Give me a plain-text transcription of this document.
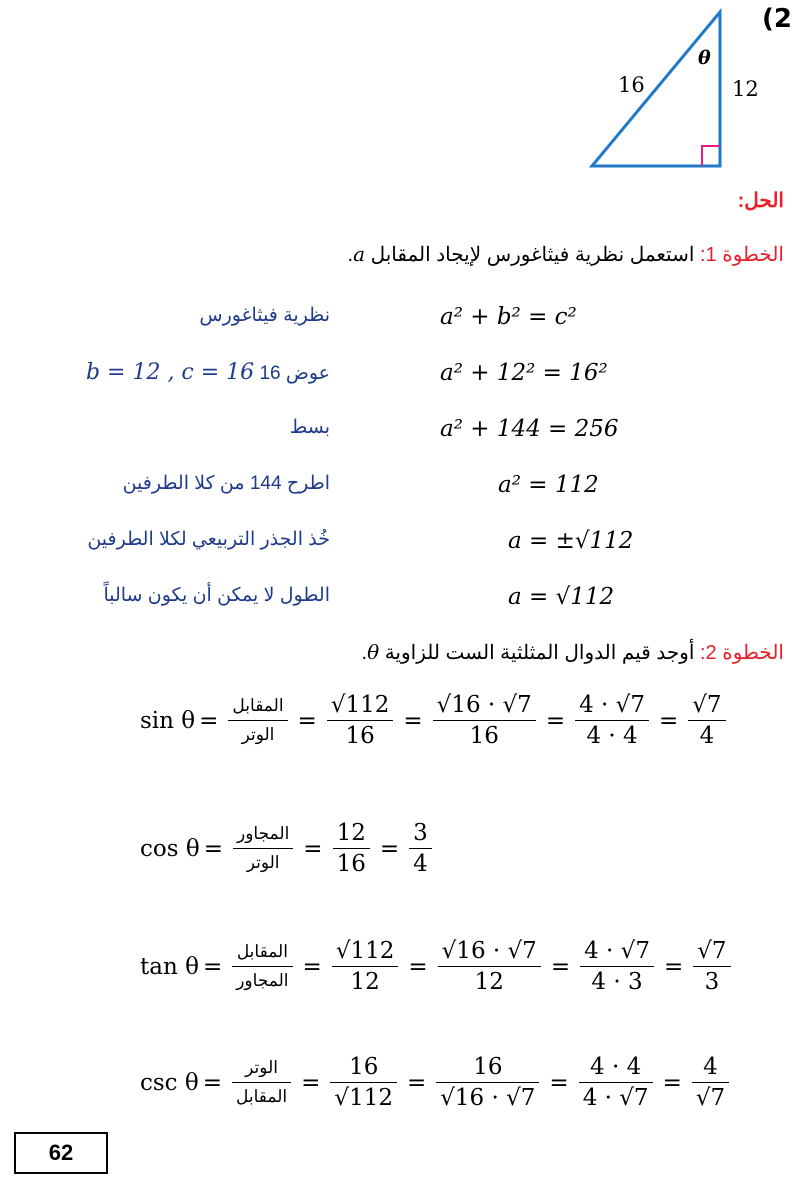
(2
θ
16	12
الحل:
الخطوة 1: استعمل نظرية فيثاغورس لإيجاد المقابل a.
a² + b² = c²
نظرية فيثاغورس
a² + 12² = 16²
عوض 16 b = 12 , c = 16
a² + 144 = 256
بسط
a² = 112
اطرح 144 من كلا الطرفين
a = ±√112
خُذ الجذر التربيعي لكلا الطرفين
a = √112
الطول لا يمكن أن يكون سالباً
الخطوة 2: أوجد قيم الدوال المثلثية الست للزاوية θ.
$\sin \theta = \frac{\text{المقابل}}{\text{الوتر}} = \frac{√112}{16} = \frac{√16 \cdot √7}{16} = \frac{4 \cdot √7}{4 \cdot 4} = \frac{√7}{4}$
$\cos \theta = \frac{\text{المجاور}}{\text{الوتر}} = \frac{12}{16} = \frac{3}{4}$
$\tan \theta = \frac{\text{المقابل}}{\text{المجاور}} = \frac{√112}{12} = \frac{√16 \cdot √7}{12} = \frac{4 \cdot √7}{4 \cdot 3} = \frac{√7}{3}$
$\csc \theta = \frac{\text{الوتر}}{\text{المقابل}} = \frac{16}{√112} = \frac{16}{√16 \cdot √7} = \frac{4 \cdot 4}{4 \cdot √7} = \frac{4}{√7}$
62
